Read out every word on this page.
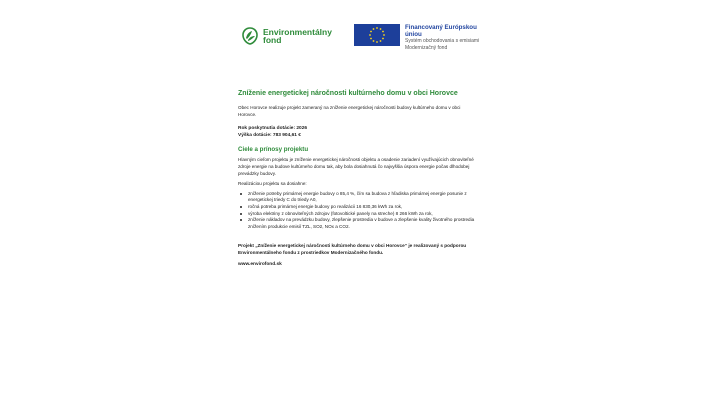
Environmentálny
fond
Financovaný Európskou úniou
Systém obchodovania s emisiami
Modernizačný fond
Zníženie energetickej náročnosti kultúrneho domu v obci Horovce

Obec Horovce realizuje projekt zameraný na zníženie energetickej náročnosti budovy kultúrneho domu v obci Horovce.

Rok poskytnutia dotácie: 2026

Výška dotácie: 783 904,61 €

Ciele a prínosy projektu

Hlavným cieľom projektu je zníženie energetickej náročnosti objektu a osadenie zariadení využívajúcich obnoviteľné zdroje energie na budove kultúrneho domu tak, aby bola dosiahnutá čo najvyššia úspora energie počas dlhodobej prevádzky budovy.

Realizáciou projektu sa dosiahne:

zníženie potreby primárnej energie budovy o 85,4 %, čím sa budova z hľadiska primárnej energie posunie z energetickej triedy C do triedy A0,
ročná potreba primárnej energie budovy po realizácii 16 830,36 kWh za rok,
výroba elektriny z obnoviteľných zdrojov (fotovoltické panely na streche) 8 266 kWh za rok,
zníženie nákladov na prevádzku budovy, zlepšenie prostredia v budove a zlepšenie kvality životného prostredia znížením produkcie emisií TZL, SO2, NOx a CO2.

Projekt „Zníženie energetickej náročnosti kultúrneho domu v obci Horovce“ je realizovaný s podporou Environmentálneho fondu z prostriedkov Modernizačného fondu.

www.envirofond.sk
